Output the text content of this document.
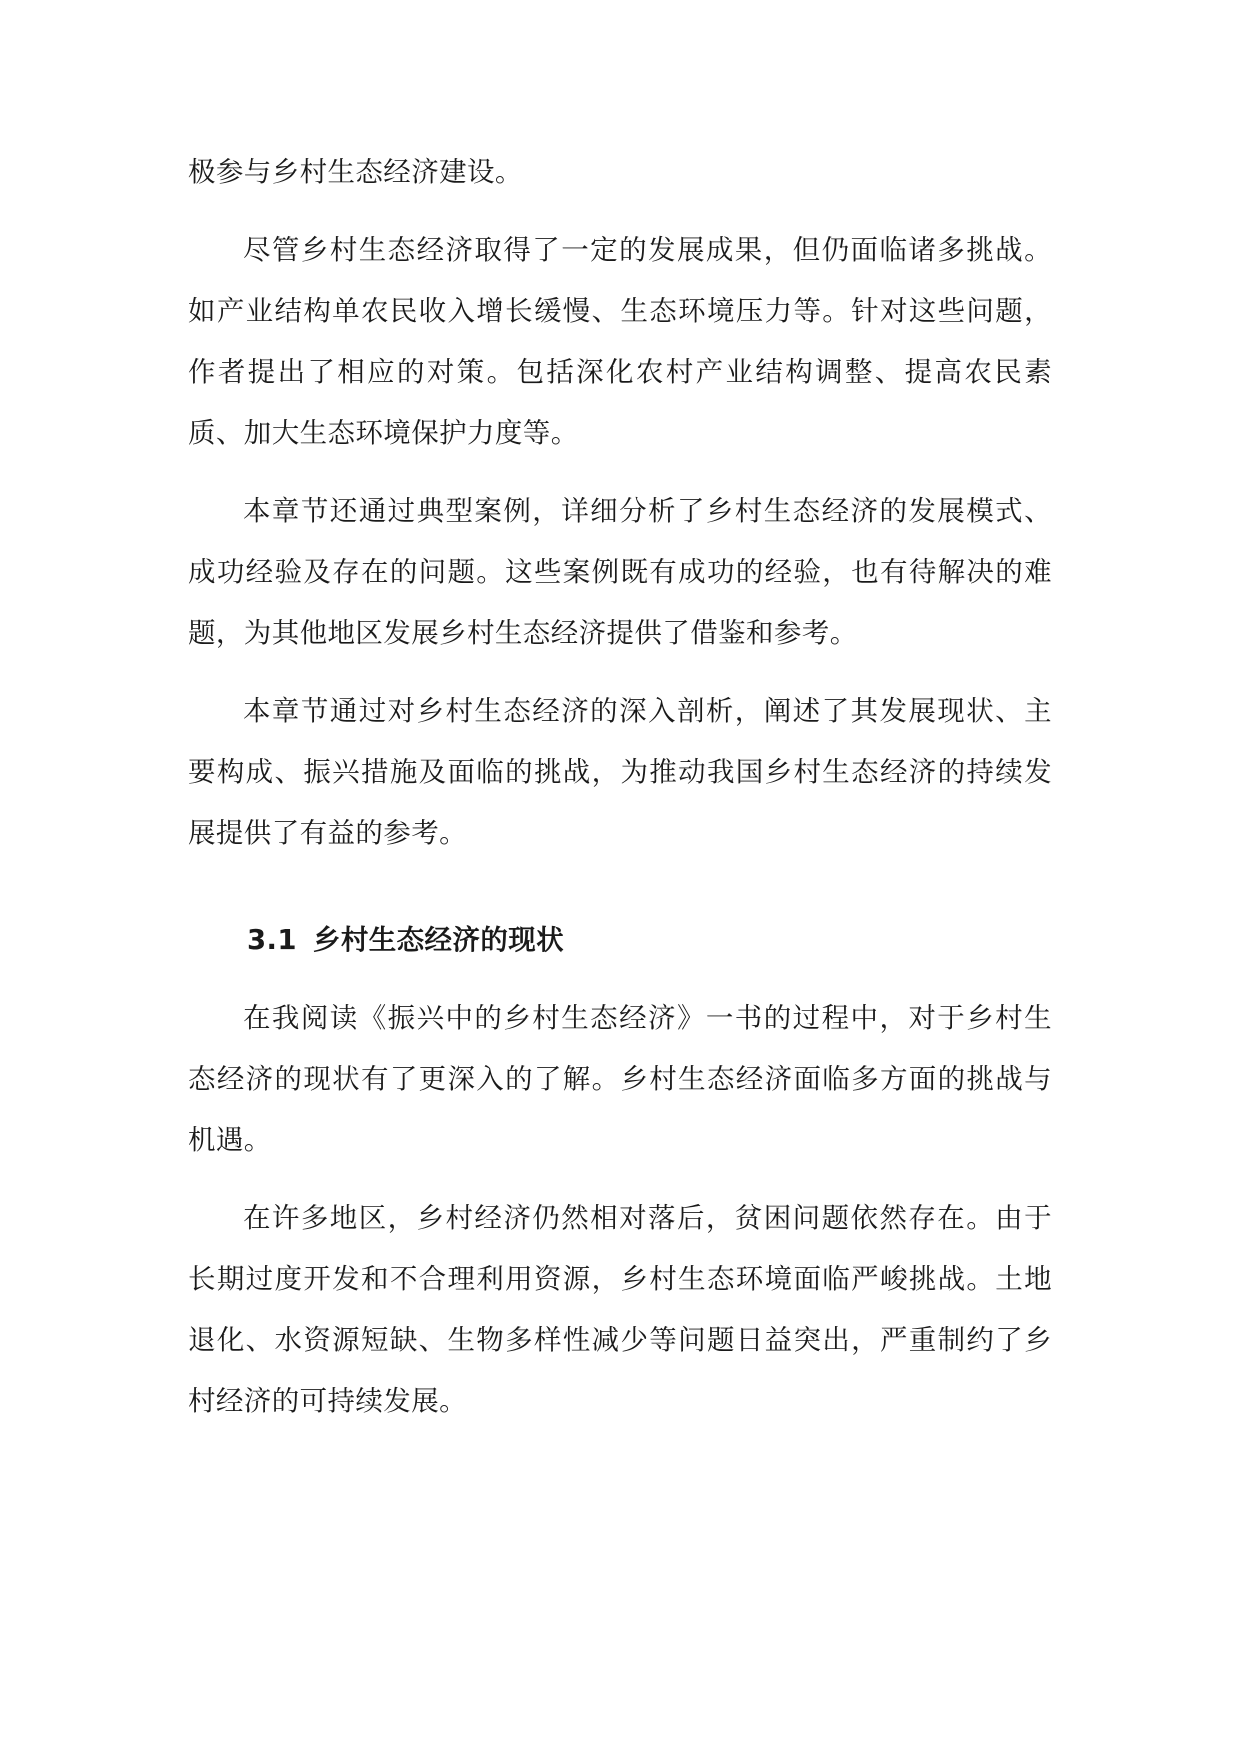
极参与乡村生态经济建设。

尽管乡村生态经济取得了一定的发展成果，但仍面临诸多挑战。如产业结构单农民收入增长缓慢、生态环境压力等。针对这些问题，作者提出了相应的对策。包括深化农村产业结构调整、提高农民素质、加大生态环境保护力度等。

本章节还通过典型案例，详细分析了乡村生态经济的发展模式、成功经验及存在的问题。这些案例既有成功的经验，也有待解决的难题，为其他地区发展乡村生态经济提供了借鉴和参考。

本章节通过对乡村生态经济的深入剖析，阐述了其发展现状、主要构成、振兴措施及面临的挑战，为推动我国乡村生态经济的持续发展提供了有益的参考。

3.1 乡村生态经济的现状

在我阅读《振兴中的乡村生态经济》一书的过程中，对于乡村生态经济的现状有了更深入的了解。乡村生态经济面临多方面的挑战与机遇。

在许多地区，乡村经济仍然相对落后，贫困问题依然存在。由于长期过度开发和不合理利用资源，乡村生态环境面临严峻挑战。土地退化、水资源短缺、生物多样性减少等问题日益突出，严重制约了乡村经济的可持续发展。
